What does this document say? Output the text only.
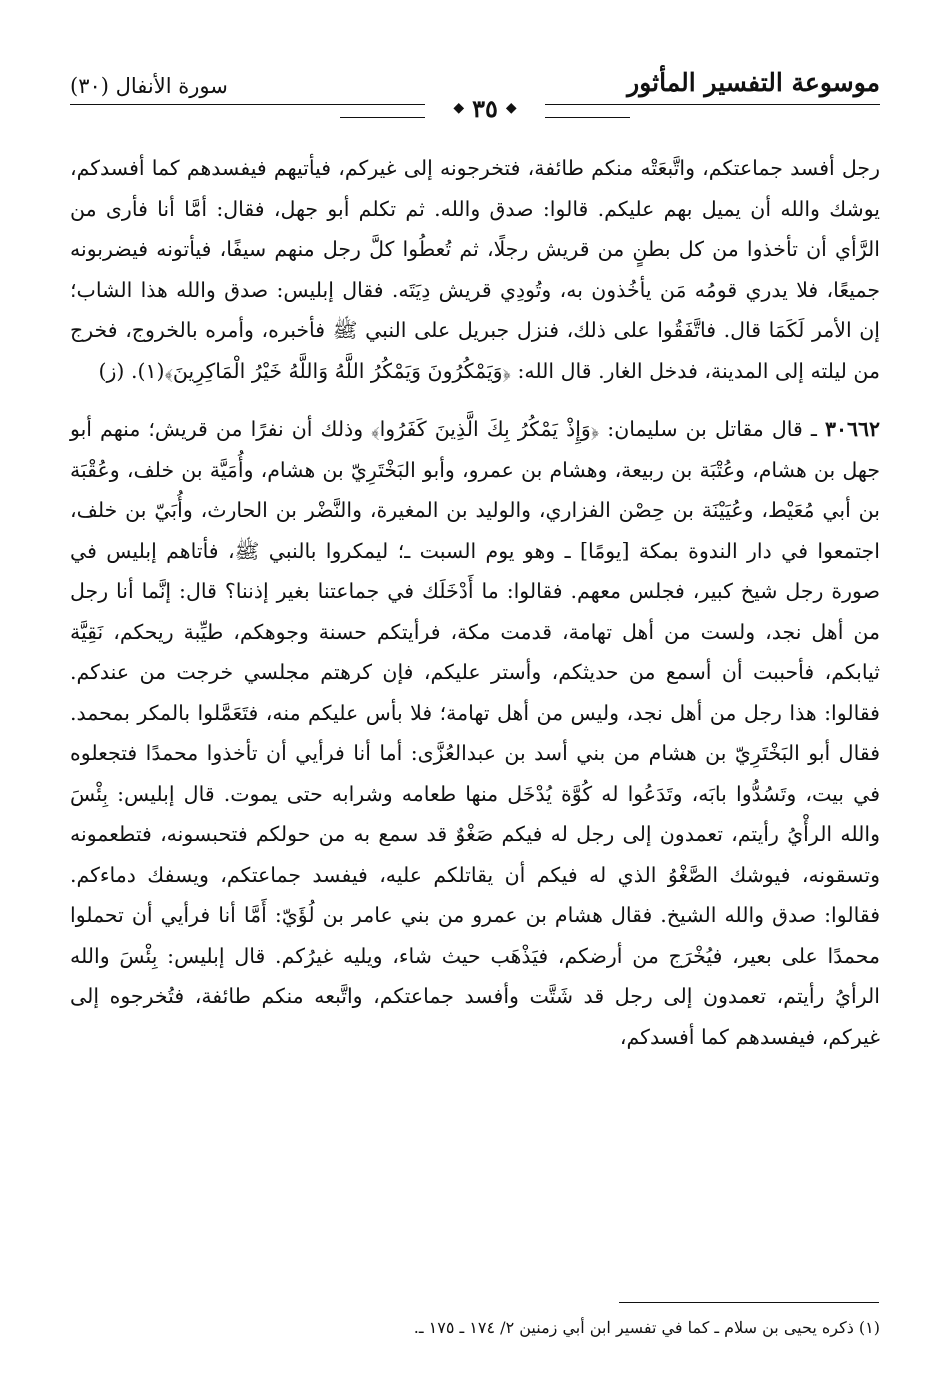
سورة الأنفال (٣٠)	موسوعة التفسير المأثور
◆
٣٥
◆

رجل أفسد جماعتكم، واتَّبعَتْه منكم طائفة، فتخرجونه إلى غيركم، فيأتيهم فيفسدهم كما أفسدكم، يوشك والله أن يميل بهم عليكم. قالوا: صدق والله. ثم تكلم أبو جهل، فقال: أمَّا أنا فأرى من الرَّأي أن تأخذوا من كل بطنٍ من قريش رجلًا، ثم تُعطُوا كلَّ رجل منهم سيفًا، فيأتونه فيضربونه جميعًا، فلا يدري قومُه مَن يأخُذون به، وتُودِي قريش دِيَتَه. فقال إبليس: صدق والله هذا الشاب؛ إن الأمر لَكَمَا قال. فاتَّفَقُوا على ذلك، فنزل جبريل على النبي ﷺ فأخبره، وأمره بالخروج، فخرج من ليلته إلى المدينة، فدخل الغار. قال الله: ﴿وَيَمْكُرُونَ وَيَمْكُرُ اللَّهُ وَاللَّهُ خَيْرُ الْمَاكِرِينَ﴾(١). (ز)

٣٠٦٦٢ ـ قال مقاتل بن سليمان: ﴿وَإِذْ يَمْكُرُ بِكَ الَّذِينَ كَفَرُوا﴾ وذلك أن نفرًا من قريش؛ منهم أبو جهل بن هشام، وعُتْبَة بن ربيعة، وهشام بن عمرو، وأبو البَخْتَرِيّ بن هشام، وأُمَيَّة بن خلف، وعُقْبَة بن أبي مُعَيْط، وعُيَيْنَة بن حِصْن الفزاري، والوليد بن المغيرة، والنَّضْر بن الحارث، وأُبَيّ بن خلف، اجتمعوا في دار الندوة بمكة [يومًا] ـ وهو يوم السبت ـ؛ ليمكروا بالنبي ﷺ، فأتاهم إبليس في صورة رجل شيخ كبير، فجلس معهم. فقالوا: ما أَدْخَلَك في جماعتنا بغير إذننا؟ قال: إنَّما أنا رجل من أهل نجد، ولست من أهل تهامة، قدمت مكة، فرأيتكم حسنة وجوهكم، طيِّبة ريحكم، نَقِيَّة ثيابكم، فأحببت أن أسمع من حديثكم، وأستر عليكم، فإن كرهتم مجلسي خرجت من عندكم. فقالوا: هذا رجل من أهل نجد، وليس من أهل تهامة؛ فلا بأس عليكم منه، فتَعَمَّلوا بالمكر بمحمد. فقال أبو البَخْتَرِيّ بن هشام من بني أسد بن عبدالعُزَّى: أما أنا فرأيي أن تأخذوا محمدًا فتجعلوه في بيت، وتَسُدُّوا بابَه، وتَدَعُوا له كُوَّة يُدْخَل منها طعامه وشرابه حتى يموت. قال إبليس: بِئْسَ والله الرأْيُ رأيتم، تعمدون إلى رجل له فيكم صَغْوٌ قد سمع به من حولكم فتحبسونه، فتطعمونه وتسقونه، فيوشك الصَّغْوُ الذي له فيكم أن يقاتلكم عليه، فيفسد جماعتكم، ويسفك دماءكم. فقالوا: صدق والله الشيخ. فقال هشام بن عمرو من بني عامر بن لُؤَيّ: أَمَّا أنا فرأيي أن تحملوا محمدًا على بعير، فيُخْرَج من أرضكم، فيَذْهَب حيث شاء، ويليه غيرُكم. قال إبليس: بِئْسَ والله الرأيُ رأيتم، تعمدون إلى رجل قد شَتَّت وأفسد جماعتكم، واتَّبعه منكم طائفة، فتُخرجوه إلى غيركم، فيفسدهم كما أفسدكم،

(١) ذكره يحيى بن سلام ـ كما في تفسير ابن أبي زمنين ٢/ ١٧٤ ـ ١٧٥ ـ.
